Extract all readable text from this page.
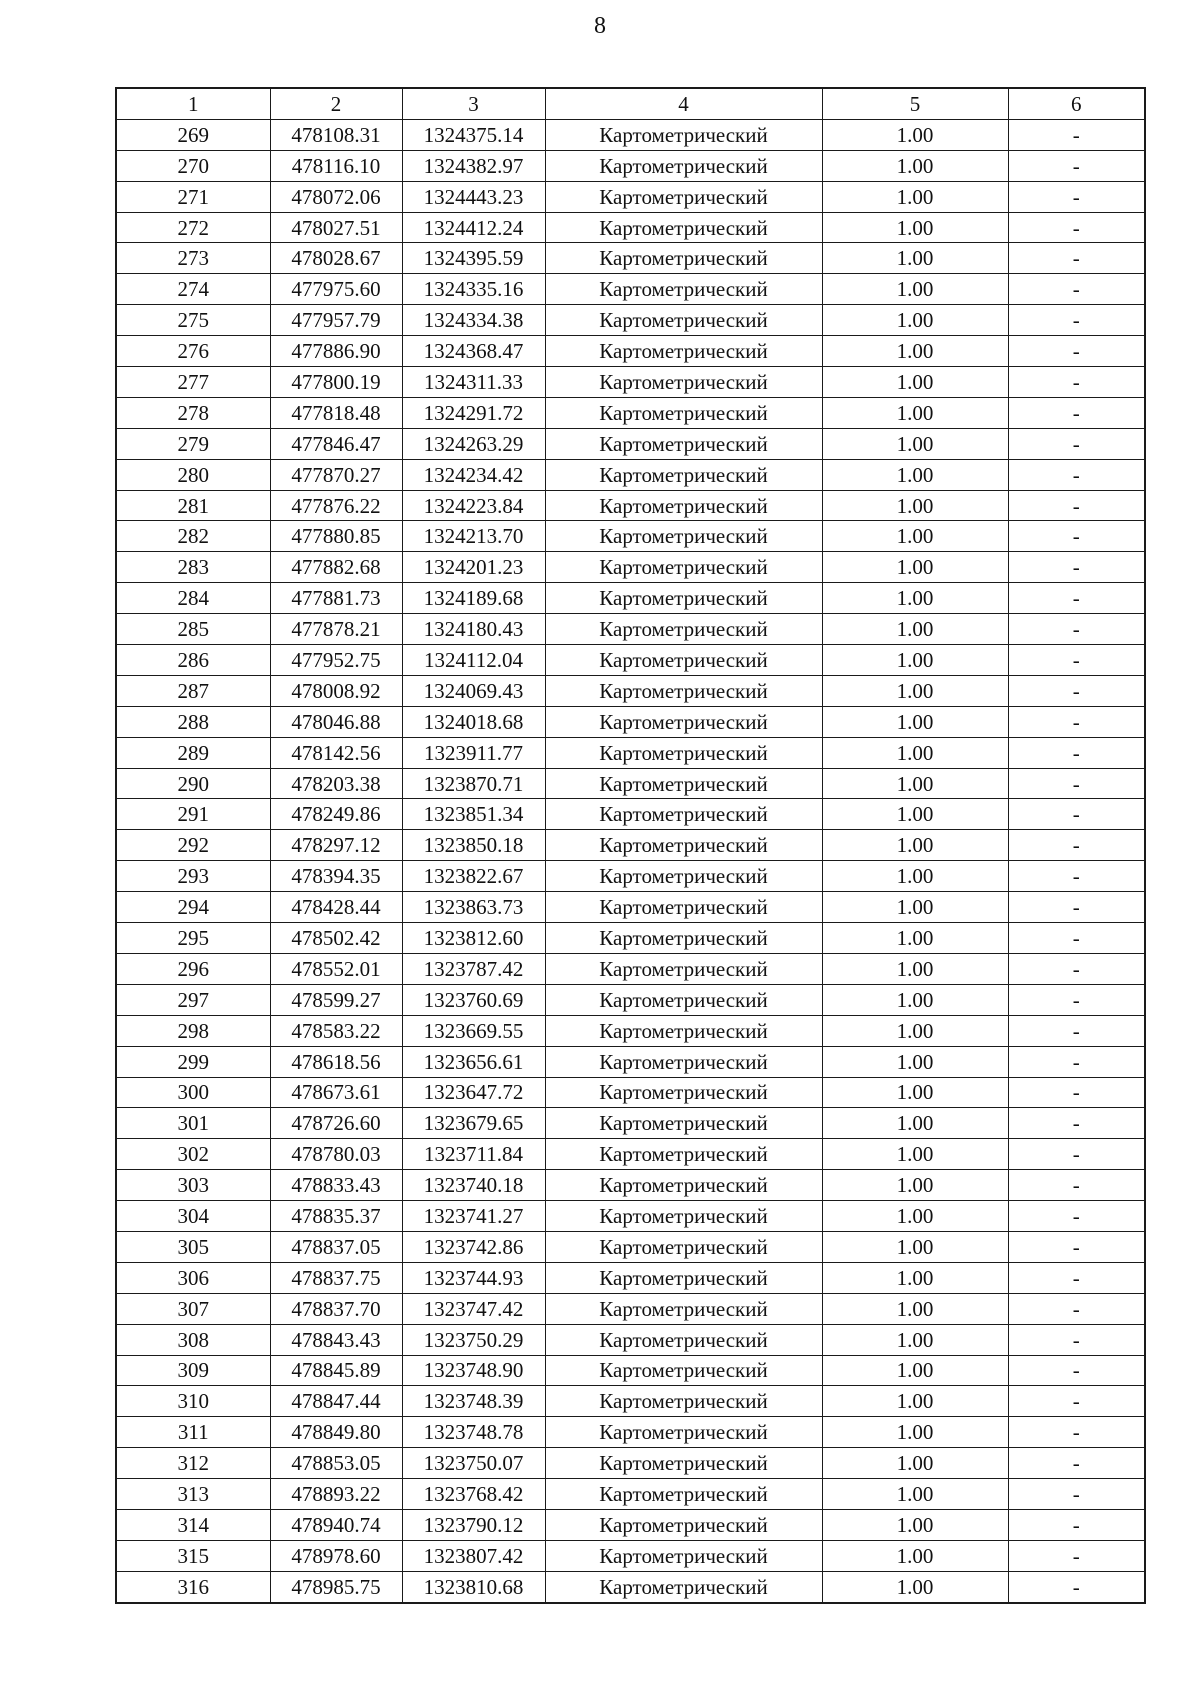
8
1	2	3	4	5	6
269	478108.31	1324375.14	Картометрический	1.00	-
270	478116.10	1324382.97	Картометрический	1.00	-
271	478072.06	1324443.23	Картометрический	1.00	-
272	478027.51	1324412.24	Картометрический	1.00	-
273	478028.67	1324395.59	Картометрический	1.00	-
274	477975.60	1324335.16	Картометрический	1.00	-
275	477957.79	1324334.38	Картометрический	1.00	-
276	477886.90	1324368.47	Картометрический	1.00	-
277	477800.19	1324311.33	Картометрический	1.00	-
278	477818.48	1324291.72	Картометрический	1.00	-
279	477846.47	1324263.29	Картометрический	1.00	-
280	477870.27	1324234.42	Картометрический	1.00	-
281	477876.22	1324223.84	Картометрический	1.00	-
282	477880.85	1324213.70	Картометрический	1.00	-
283	477882.68	1324201.23	Картометрический	1.00	-
284	477881.73	1324189.68	Картометрический	1.00	-
285	477878.21	1324180.43	Картометрический	1.00	-
286	477952.75	1324112.04	Картометрический	1.00	-
287	478008.92	1324069.43	Картометрический	1.00	-
288	478046.88	1324018.68	Картометрический	1.00	-
289	478142.56	1323911.77	Картометрический	1.00	-
290	478203.38	1323870.71	Картометрический	1.00	-
291	478249.86	1323851.34	Картометрический	1.00	-
292	478297.12	1323850.18	Картометрический	1.00	-
293	478394.35	1323822.67	Картометрический	1.00	-
294	478428.44	1323863.73	Картометрический	1.00	-
295	478502.42	1323812.60	Картометрический	1.00	-
296	478552.01	1323787.42	Картометрический	1.00	-
297	478599.27	1323760.69	Картометрический	1.00	-
298	478583.22	1323669.55	Картометрический	1.00	-
299	478618.56	1323656.61	Картометрический	1.00	-
300	478673.61	1323647.72	Картометрический	1.00	-
301	478726.60	1323679.65	Картометрический	1.00	-
302	478780.03	1323711.84	Картометрический	1.00	-
303	478833.43	1323740.18	Картометрический	1.00	-
304	478835.37	1323741.27	Картометрический	1.00	-
305	478837.05	1323742.86	Картометрический	1.00	-
306	478837.75	1323744.93	Картометрический	1.00	-
307	478837.70	1323747.42	Картометрический	1.00	-
308	478843.43	1323750.29	Картометрический	1.00	-
309	478845.89	1323748.90	Картометрический	1.00	-
310	478847.44	1323748.39	Картометрический	1.00	-
311	478849.80	1323748.78	Картометрический	1.00	-
312	478853.05	1323750.07	Картометрический	1.00	-
313	478893.22	1323768.42	Картометрический	1.00	-
314	478940.74	1323790.12	Картометрический	1.00	-
315	478978.60	1323807.42	Картометрический	1.00	-
316	478985.75	1323810.68	Картометрический	1.00	-
